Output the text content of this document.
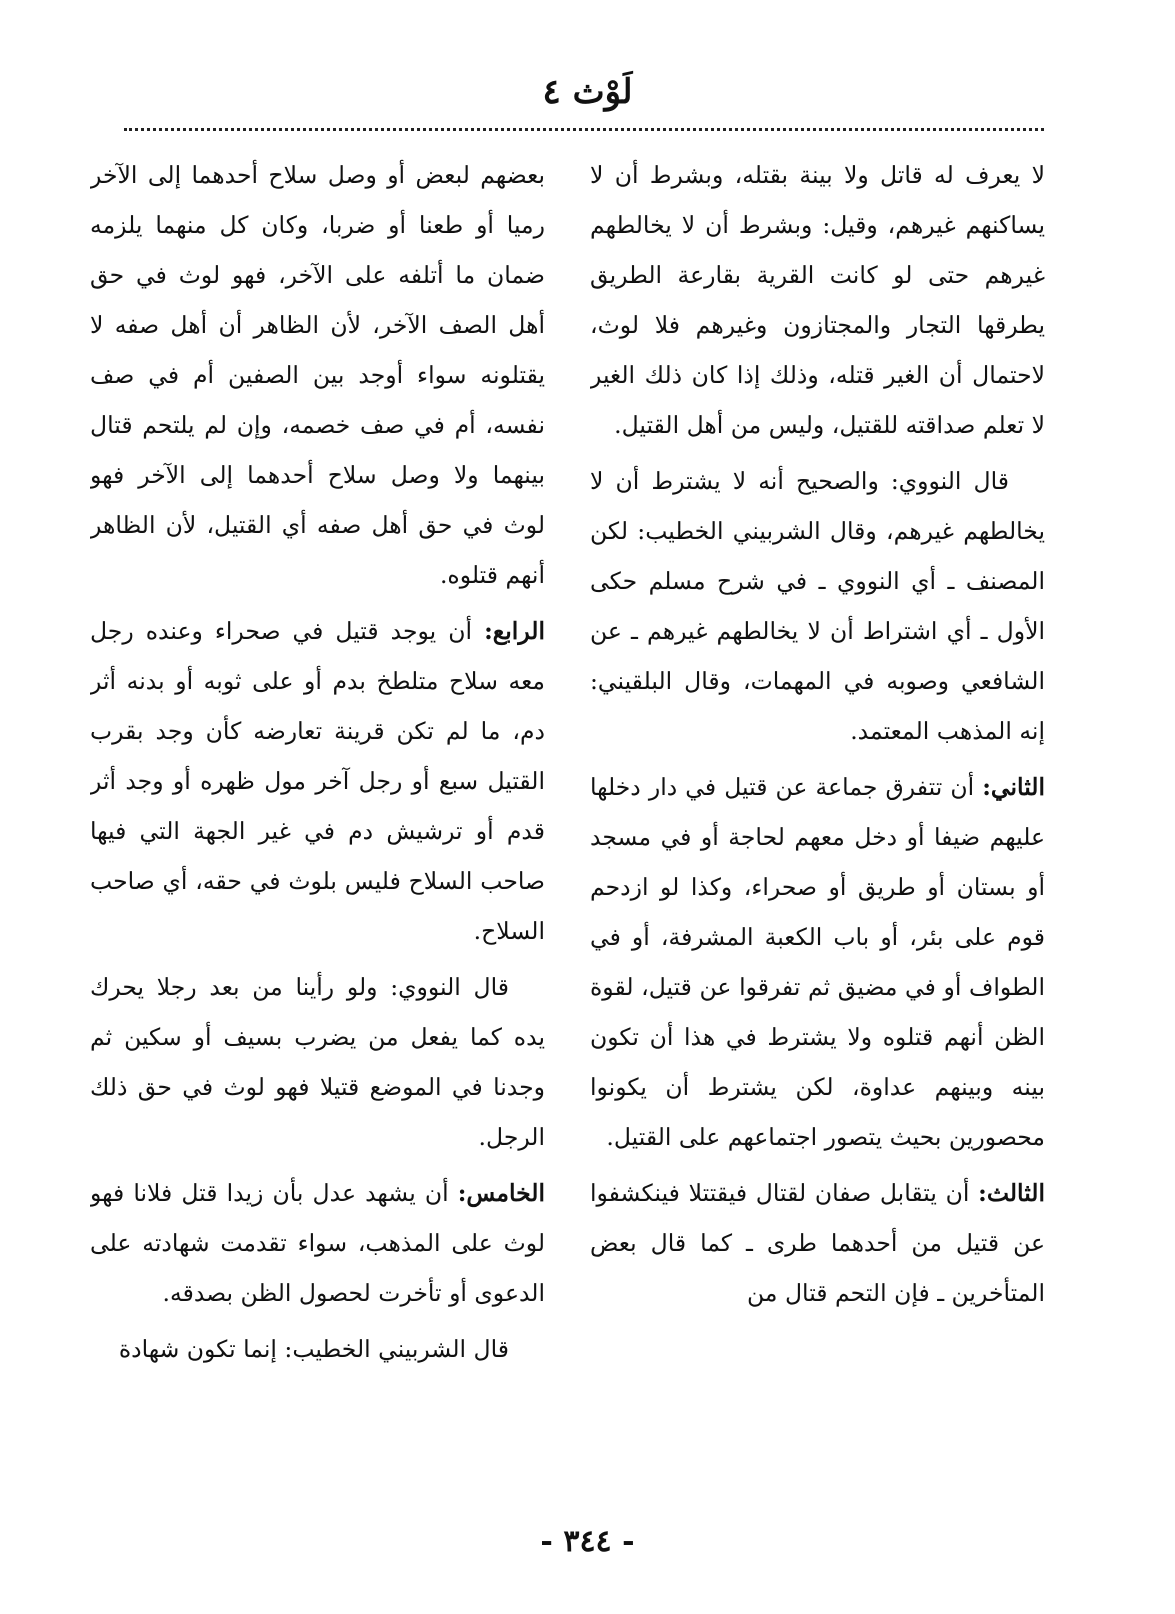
لَوْث ٤

لا يعرف له قاتل ولا بينة بقتله، وبشرط أن لا يساكنهم غيرهم، وقيل: وبشرط أن لا يخالطهم غيرهم حتى لو كانت القرية بقارعة الطريق يطرقها التجار والمجتازون وغيرهم فلا لوث، لاحتمال أن الغير قتله، وذلك إذا كان ذلك الغير لا تعلم صداقته للقتيل، وليس من أهل القتيل.

قال النووي: والصحيح أنه لا يشترط أن لا يخالطهم غيرهم، وقال الشربيني الخطيب: لكن المصنف ـ أي النووي ـ في شرح مسلم حكى الأول ـ أي اشتراط أن لا يخالطهم غيرهم ـ عن الشافعي وصوبه في المهمات، وقال البلقيني: إنه المذهب المعتمد.

الثاني: أن تتفرق جماعة عن قتيل في دار دخلها عليهم ضيفا أو دخل معهم لحاجة أو في مسجد أو بستان أو طريق أو صحراء، وكذا لو ازدحم قوم على بئر، أو باب الكعبة المشرفة، أو في الطواف أو في مضيق ثم تفرقوا عن قتيل، لقوة الظن أنهم قتلوه ولا يشترط في هذا أن تكون بينه وبينهم عداوة، لكن يشترط أن يكونوا محصورين بحيث يتصور اجتماعهم على القتيل.

الثالث: أن يتقابل صفان لقتال فيقتتلا فينكشفوا عن قتيل من أحدهما طرى ـ كما قال بعض المتأخرين ـ فإن التحم قتال من

بعضهم لبعض أو وصل سلاح أحدهما إلى الآخر رميا أو طعنا أو ضربا، وكان كل منهما يلزمه ضمان ما أتلفه على الآخر، فهو لوث في حق أهل الصف الآخر، لأن الظاهر أن أهل صفه لا يقتلونه سواء أوجد بين الصفين أم في صف نفسه، أم في صف خصمه، وإن لم يلتحم قتال بينهما ولا وصل سلاح أحدهما إلى الآخر فهو لوث في حق أهل صفه أي القتيل، لأن الظاهر أنهم قتلوه.

الرابع: أن يوجد قتيل في صحراء وعنده رجل معه سلاح متلطخ بدم أو على ثوبه أو بدنه أثر دم، ما لم تكن قرينة تعارضه كأن وجد بقرب القتيل سبع أو رجل آخر مول ظهره أو وجد أثر قدم أو ترشيش دم في غير الجهة التي فيها صاحب السلاح فليس بلوث في حقه، أي صاحب السلاح.

قال النووي: ولو رأينا من بعد رجلا يحرك يده كما يفعل من يضرب بسيف أو سكين ثم وجدنا في الموضع قتيلا فهو لوث في حق ذلك الرجل.

الخامس: أن يشهد عدل بأن زيدا قتل فلانا فهو لوث على المذهب، سواء تقدمت شهادته على الدعوى أو تأخرت لحصول الظن بصدقه.

قال الشربيني الخطيب: إنما تكون شهادة

- ٣٤٤ -
